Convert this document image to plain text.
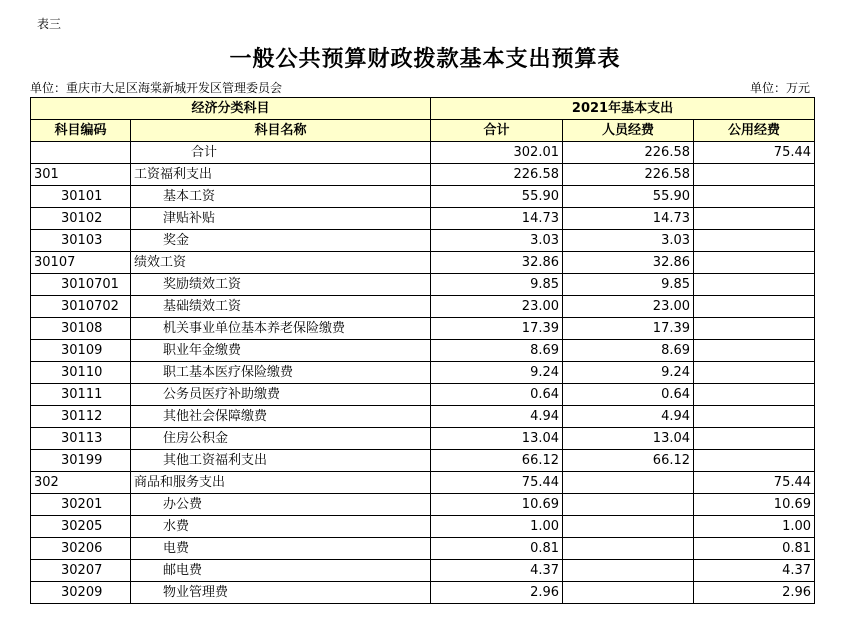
表三
一般公共预算财政拨款基本支出预算表
单位：重庆市大足区海棠新城开发区管理委员会	单位：万元
经济分类科目		2021年基本支出		
科目编码	科目名称	合计	人员经费	公用经费
	合计	302.01	226.58	75.44
301	工资福利支出	226.58	226.58	
30101	基本工资	55.90	55.90	
30102	津贴补贴	14.73	14.73	
30103	奖金	3.03	3.03	
30107	绩效工资	32.86	32.86	
3010701	奖励绩效工资	9.85	9.85	
3010702	基础绩效工资	23.00	23.00	
30108	机关事业单位基本养老保险缴费	17.39	17.39	
30109	职业年金缴费	8.69	8.69	
30110	职工基本医疗保险缴费	9.24	9.24	
30111	公务员医疗补助缴费	0.64	0.64	
30112	其他社会保障缴费	4.94	4.94	
30113	住房公积金	13.04	13.04	
30199	其他工资福利支出	66.12	66.12	
302	商品和服务支出	75.44		75.44
30201	办公费	10.69		10.69
30205	水费	1.00		1.00
30206	电费	0.81		0.81
30207	邮电费	4.37		4.37
30209	物业管理费	2.96		2.96
